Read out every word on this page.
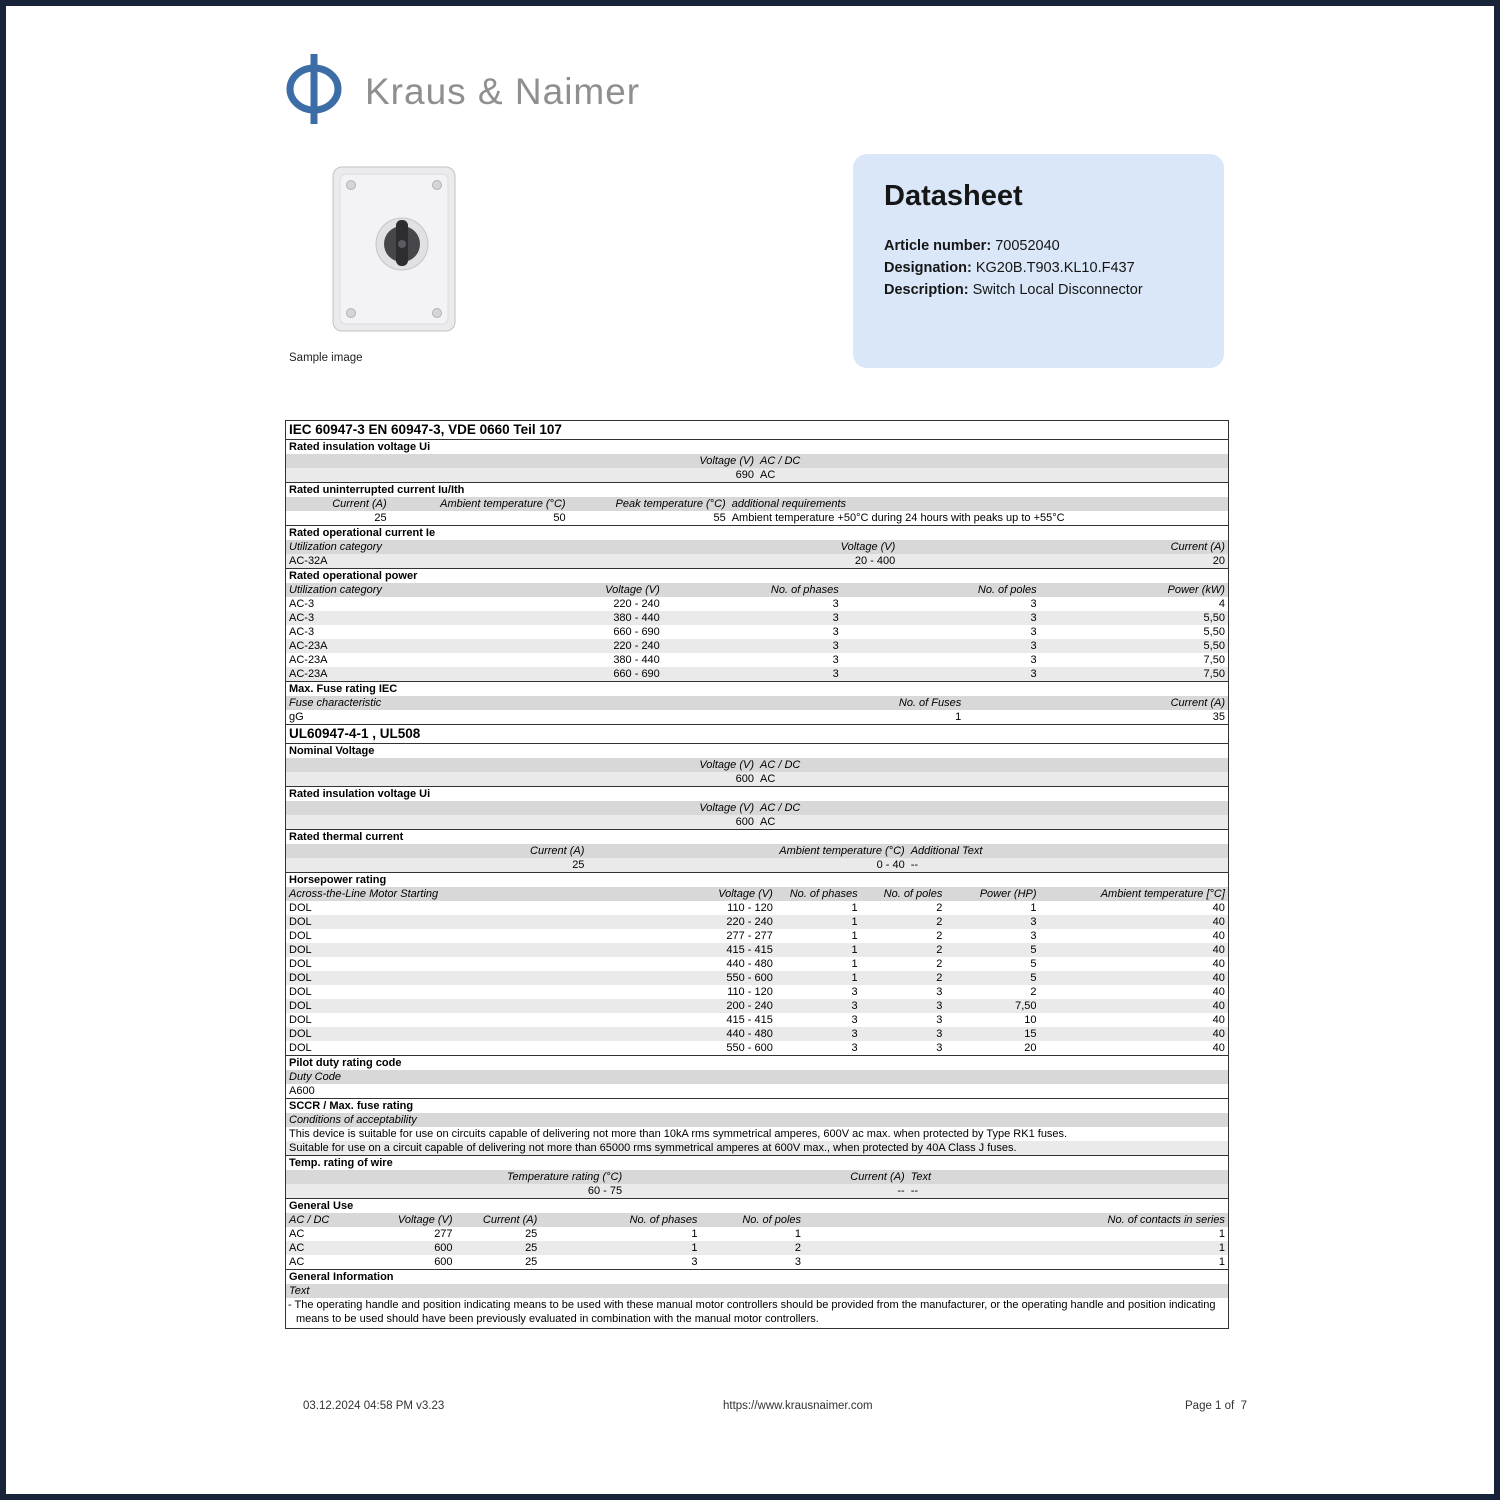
Kraus & Naimer
Sample image
Datasheet
Article number: 70052040
Designation: KG20B.T903.KL10.F437
Description: Switch Local Disconnector
IEC 60947-3 EN 60947-3, VDE 0660 Teil 107
Rated insulation voltage Ui
Voltage (V) AC / DC
690 AC
Rated uninterrupted current Iu/Ith
Current (A)	Ambient temperature (°C)	Peak temperature (°C) additional requirements
25	50	55 Ambient temperature +50°C during 24 hours with peaks up to +55°C
Rated operational current Ie
Utilization category	Voltage (V)	Current (A)
AC-32A	20 - 400	20
Rated operational power
Utilization category	Voltage (V)	No. of phases	No. of poles	Power (kW)
AC-3	220 - 240	3	3	4
AC-3	380 - 440	3	3	5,50
AC-3	660 - 690	3	3	5,50
AC-23A	220 - 240	3	3	5,50
AC-23A	380 - 440	3	3	7,50
AC-23A	660 - 690	3	3	7,50
Max. Fuse rating IEC
Fuse characteristic	No. of Fuses	Current (A)
gG	1	35
UL60947-4-1 , UL508
Nominal Voltage
Voltage (V) AC / DC
600 AC
Rated insulation voltage Ui
Voltage (V) AC / DC
600 AC
Rated thermal current
Current (A)	Ambient temperature (°C) Additional Text
25	0 - 40 --
Horsepower rating
Across-the-Line Motor Starting	Voltage (V)	No. of phases	No. of poles	Power (HP)	Ambient temperature [°C]
DOL	110 - 120	1	2	1	40
DOL	220 - 240	1	2	3	40
DOL	277 - 277	1	2	3	40
DOL	415 - 415	1	2	5	40
DOL	440 - 480	1	2	5	40
DOL	550 - 600	1	2	5	40
DOL	110 - 120	3	3	2	40
DOL	200 - 240	3	3	7,50	40
DOL	415 - 415	3	3	10	40
DOL	440 - 480	3	3	15	40
DOL	550 - 600	3	3	20	40
Pilot duty rating code
Duty Code
A600
SCCR / Max. fuse rating
Conditions of acceptability
This device is suitable for use on circuits capable of delivering not more than 10kA rms symmetrical amperes, 600V ac max. when protected by Type RK1 fuses.
Suitable for use on a circuit capable of delivering not more than 65000 rms symmetrical amperes at 600V max., when protected by 40A Class J fuses.
Temp. rating of wire
Temperature rating (°C)	Current (A) Text
60 - 75	-- --
General Use
AC / DC	Voltage (V)	Current (A)	No. of phases	No. of poles	No. of contacts in series
AC	277	25	1	1	1
AC	600	25	1	2	1
AC	600	25	3	3	1
General Information
Text
- The operating handle and position indicating means to be used with these manual motor controllers should be provided from the manufacturer, or the operating handle and position indicating means to be used should have been previously evaluated in combination with the manual motor controllers.
03.12.2024 04:58 PM v3.23	https://www.krausnaimer.com	Page 1 of  7
